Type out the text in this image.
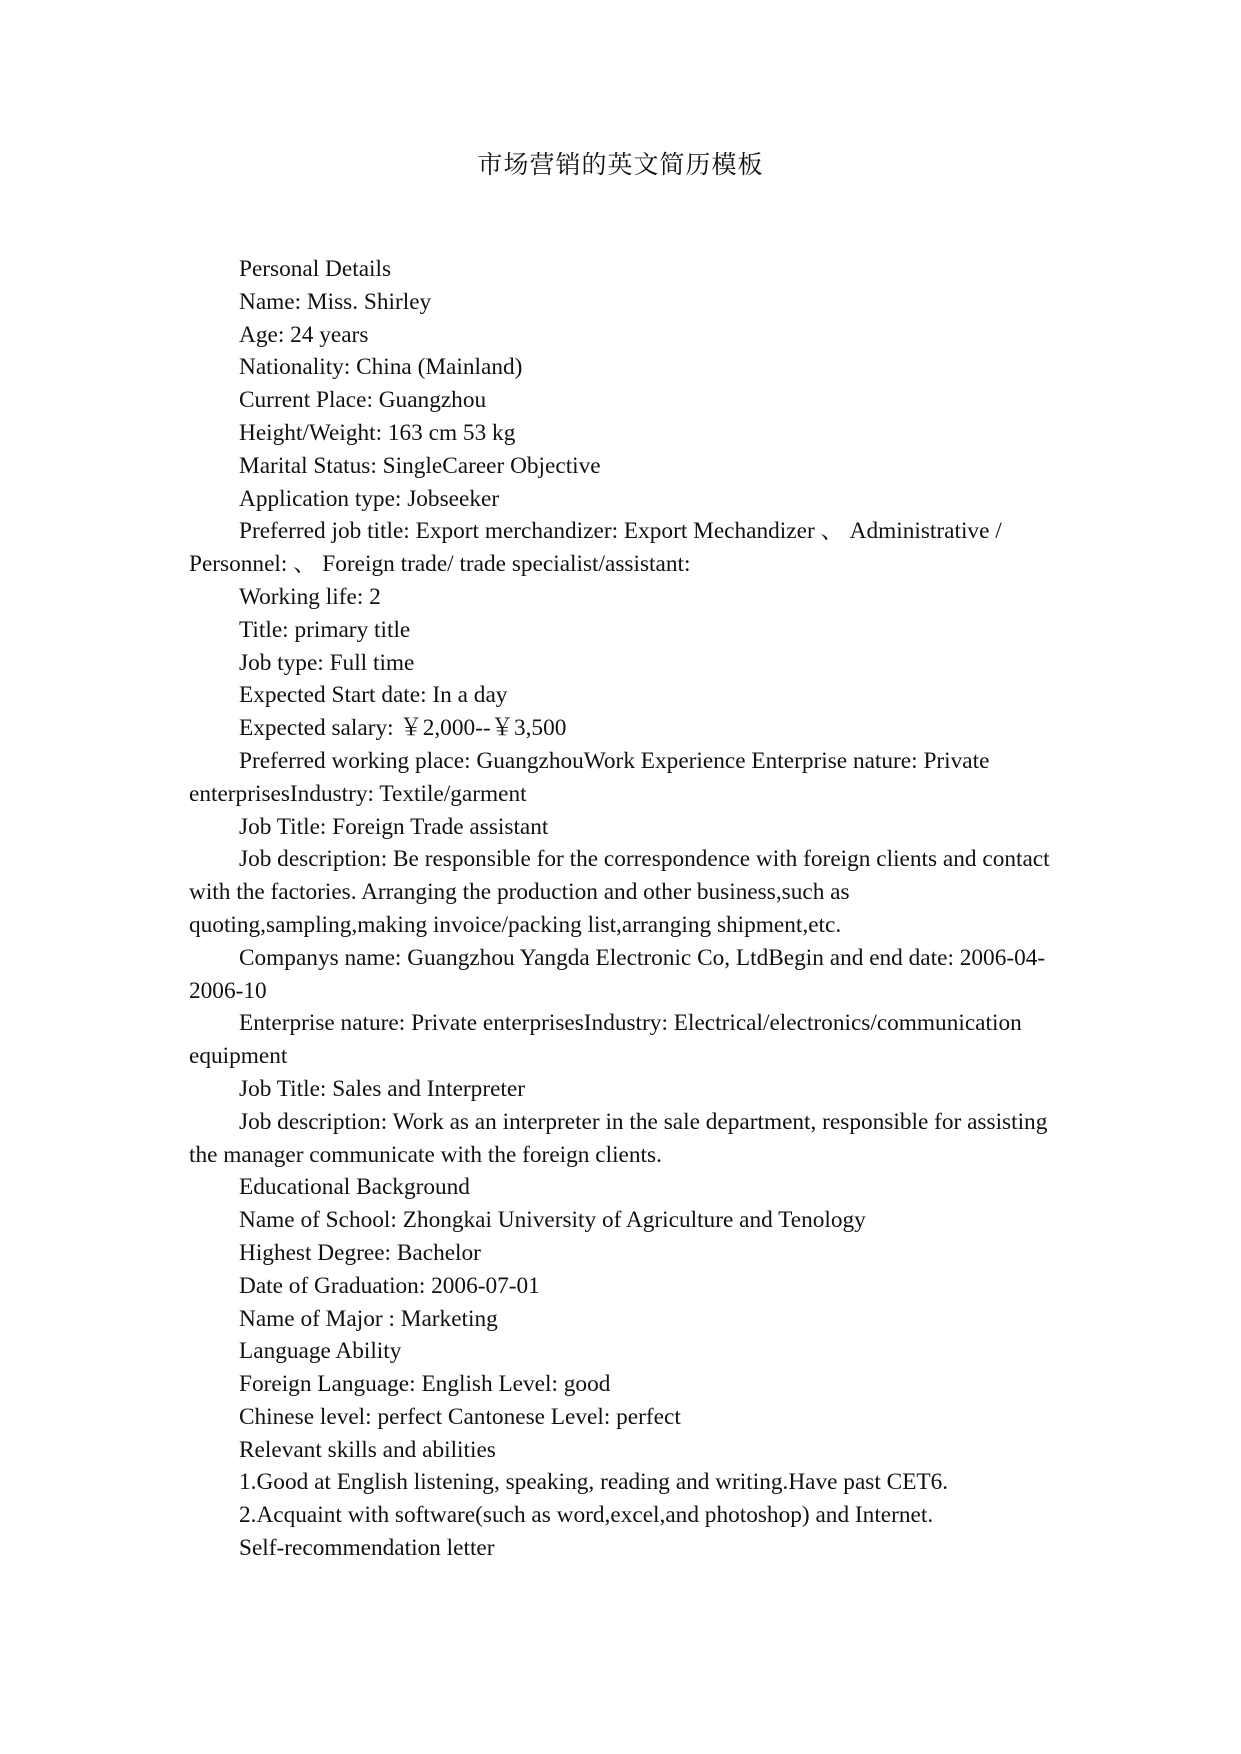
市场营销的英文简历模板

Personal Details

Name: Miss. Shirley

Age: 24 years

Nationality: China (Mainland)

Current Place: Guangzhou

Height/Weight: 163 cm 53 kg

Marital Status: SingleCareer Objective

Application type: Jobseeker

Preferred job title: Export merchandizer: Export Mechandizer 、 Administrative / Personnel: 、 Foreign trade/ trade specialist/assistant:

Working life: 2

Title: primary title

Job type: Full time

Expected Start date: In a day

Expected salary: ￥2,000--￥3,500

Preferred working place: GuangzhouWork Experience Enterprise nature: Private enterprisesIndustry: Textile/garment

Job Title: Foreign Trade assistant

Job description: Be responsible for the correspondence with foreign clients and contact with the factories. Arranging the production and other business,such as quoting,sampling,making invoice/packing list,arranging shipment,etc.

Companys name: Guangzhou Yangda Electronic Co, LtdBegin and end date: 2006-04-2006-10

Enterprise nature: Private enterprisesIndustry: Electrical/electronics/communication equipment

Job Title: Sales and Interpreter

Job description: Work as an interpreter in the sale department, responsible for assisting the manager communicate with the foreign clients.

Educational Background

Name of School: Zhongkai University of Agriculture and Tenology

Highest Degree: Bachelor

Date of Graduation: 2006-07-01

Name of Major : Marketing

Language Ability

Foreign Language: English Level: good

Chinese level: perfect Cantonese Level: perfect

Relevant skills and abilities

1.Good at English listening, speaking, reading and writing.Have past CET6.

2.Acquaint with software(such as word,excel,and photoshop) and Internet.

Self-recommendation letter
